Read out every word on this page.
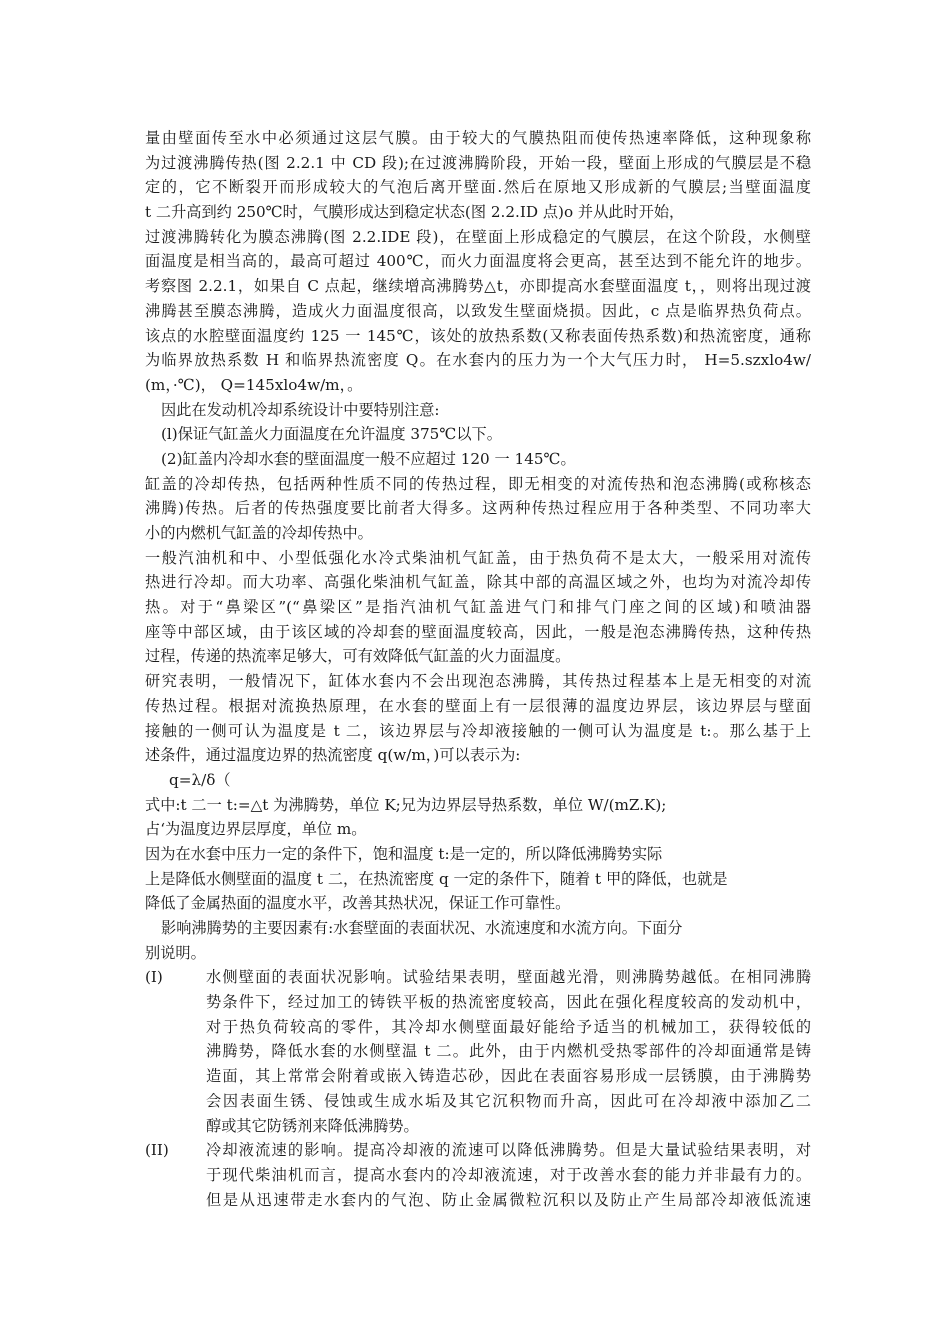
量由壁面传至水中必须通过这层气膜。由于较大的气膜热阻而使传热速率降低，这种现象称
为过渡沸腾传热(图 2.2.1 中 CD 段);在过渡沸腾阶段，开始一段，壁面上形成的气膜层是不稳
定的，它不断裂开而形成较大的气泡后离开壁面.然后在原地又形成新的气膜层;当壁面温度
t 二升高到约 250℃时，气膜形成达到稳定状态(图 2.2.ID 点)o 并从此时开始，
过渡沸腾转化为膜态沸腾(图 2.2.IDE 段)，在壁面上形成稳定的气膜层，在这个阶段，水侧壁
面温度是相当高的，最高可超过 400℃，而火力面温度将会更高，甚至达到不能允许的地步。
考察图 2.2.1，如果自 C 点起，继续增高沸腾势△t，亦即提高水套壁面温度 t，，则将出现过渡
沸腾甚至膜态沸腾，造成火力面温度很高，以致发生壁面烧损。因此，c 点是临界热负荷点。
该点的水腔壁面温度约 125 一 145℃，该处的放热系数(又称表面传热系数)和热流密度，通称
为临界放热系数 H 和临界热流密度 Q。在水套内的压力为一个大气压力时， H=5.szxlo4w/
(m，·℃)， Q=145xlo4w/m，。
因此在发动机冷却系统设计中要特别注意:
(l)保证气缸盖火力面温度在允许温度 375℃以下。
(2)缸盖内冷却水套的壁面温度一般不应超过 120 一 145℃。
缸盖的冷却传热，包括两种性质不同的传热过程，即无相变的对流传热和泡态沸腾(或称核态
沸腾)传热。后者的传热强度要比前者大得多。这两种传热过程应用于各种类型、不同功率大
小的内燃机气缸盖的冷却传热中。
一般汽油机和中、小型低强化水冷式柴油机气缸盖，由于热负荷不是太大，一般采用对流传
热进行冷却。而大功率、高强化柴油机气缸盖，除其中部的高温区域之外，也均为对流冷却传
热。对于“鼻梁区”(“鼻梁区”是指汽油机气缸盖进气门和排气门座之间的区域)和喷油器
座等中部区域，由于该区域的冷却套的壁面温度较高，因此，一般是泡态沸腾传热，这种传热
过程，传递的热流率足够大，可有效降低气缸盖的火力面温度。
研究表明，一般情况下，缸体水套内不会出现泡态沸腾，其传热过程基本上是无相变的对流
传热过程。根据对流换热原理，在水套的壁面上有一层很薄的温度边界层，该边界层与壁面
接触的一侧可认为温度是 t 二，该边界层与冷却液接触的一侧可认为温度是 t:。那么基于上
述条件，通过温度边界的热流密度 q(w/m，)可以表示为:
q=λ/δ（
式中:t 二一 t:=△t 为沸腾势，单位 K;兄为边界层导热系数，单位 W/(mZ.K);
占‘为温度边界层厚度，单位 m。
因为在水套中压力一定的条件下，饱和温度 t:是一定的，所以降低沸腾势实际
上是降低水侧壁面的温度 t 二，在热流密度 q 一定的条件下，随着 t 甲的降低，也就是
降低了金属热面的温度水平，改善其热状况，保证工作可靠性。
影响沸腾势的主要因素有:水套壁面的表面状况、水流速度和水流方向。下面分
别说明。
(I)	水侧壁面的表面状况影响。试验结果表明，壁面越光滑，则沸腾势越低。在相同沸腾
势条件下，经过加工的铸铁平板的热流密度较高，因此在强化程度较高的发动机中，
对于热负荷较高的零件，其冷却水侧壁面最好能给予适当的机械加工，获得较低的
沸腾势，降低水套的水侧壁温 t 二。此外，由于内燃机受热零部件的冷却面通常是铸
造面，其上常常会附着或嵌入铸造芯砂，因此在表面容易形成一层锈膜，由于沸腾势
会因表面生锈、侵蚀或生成水垢及其它沉积物而升高，因此可在冷却液中添加乙二
醇或其它防锈剂来降低沸腾势。
(II) 冷却液流速的影响。提高冷却液的流速可以降低沸腾势。但是大量试验结果表明，对
于现代柴油机而言，提高水套内的冷却液流速，对于改善水套的能力并非最有力的。
但是从迅速带走水套内的气泡、防止金属微粒沉积以及防止产生局部冷却液低流速
